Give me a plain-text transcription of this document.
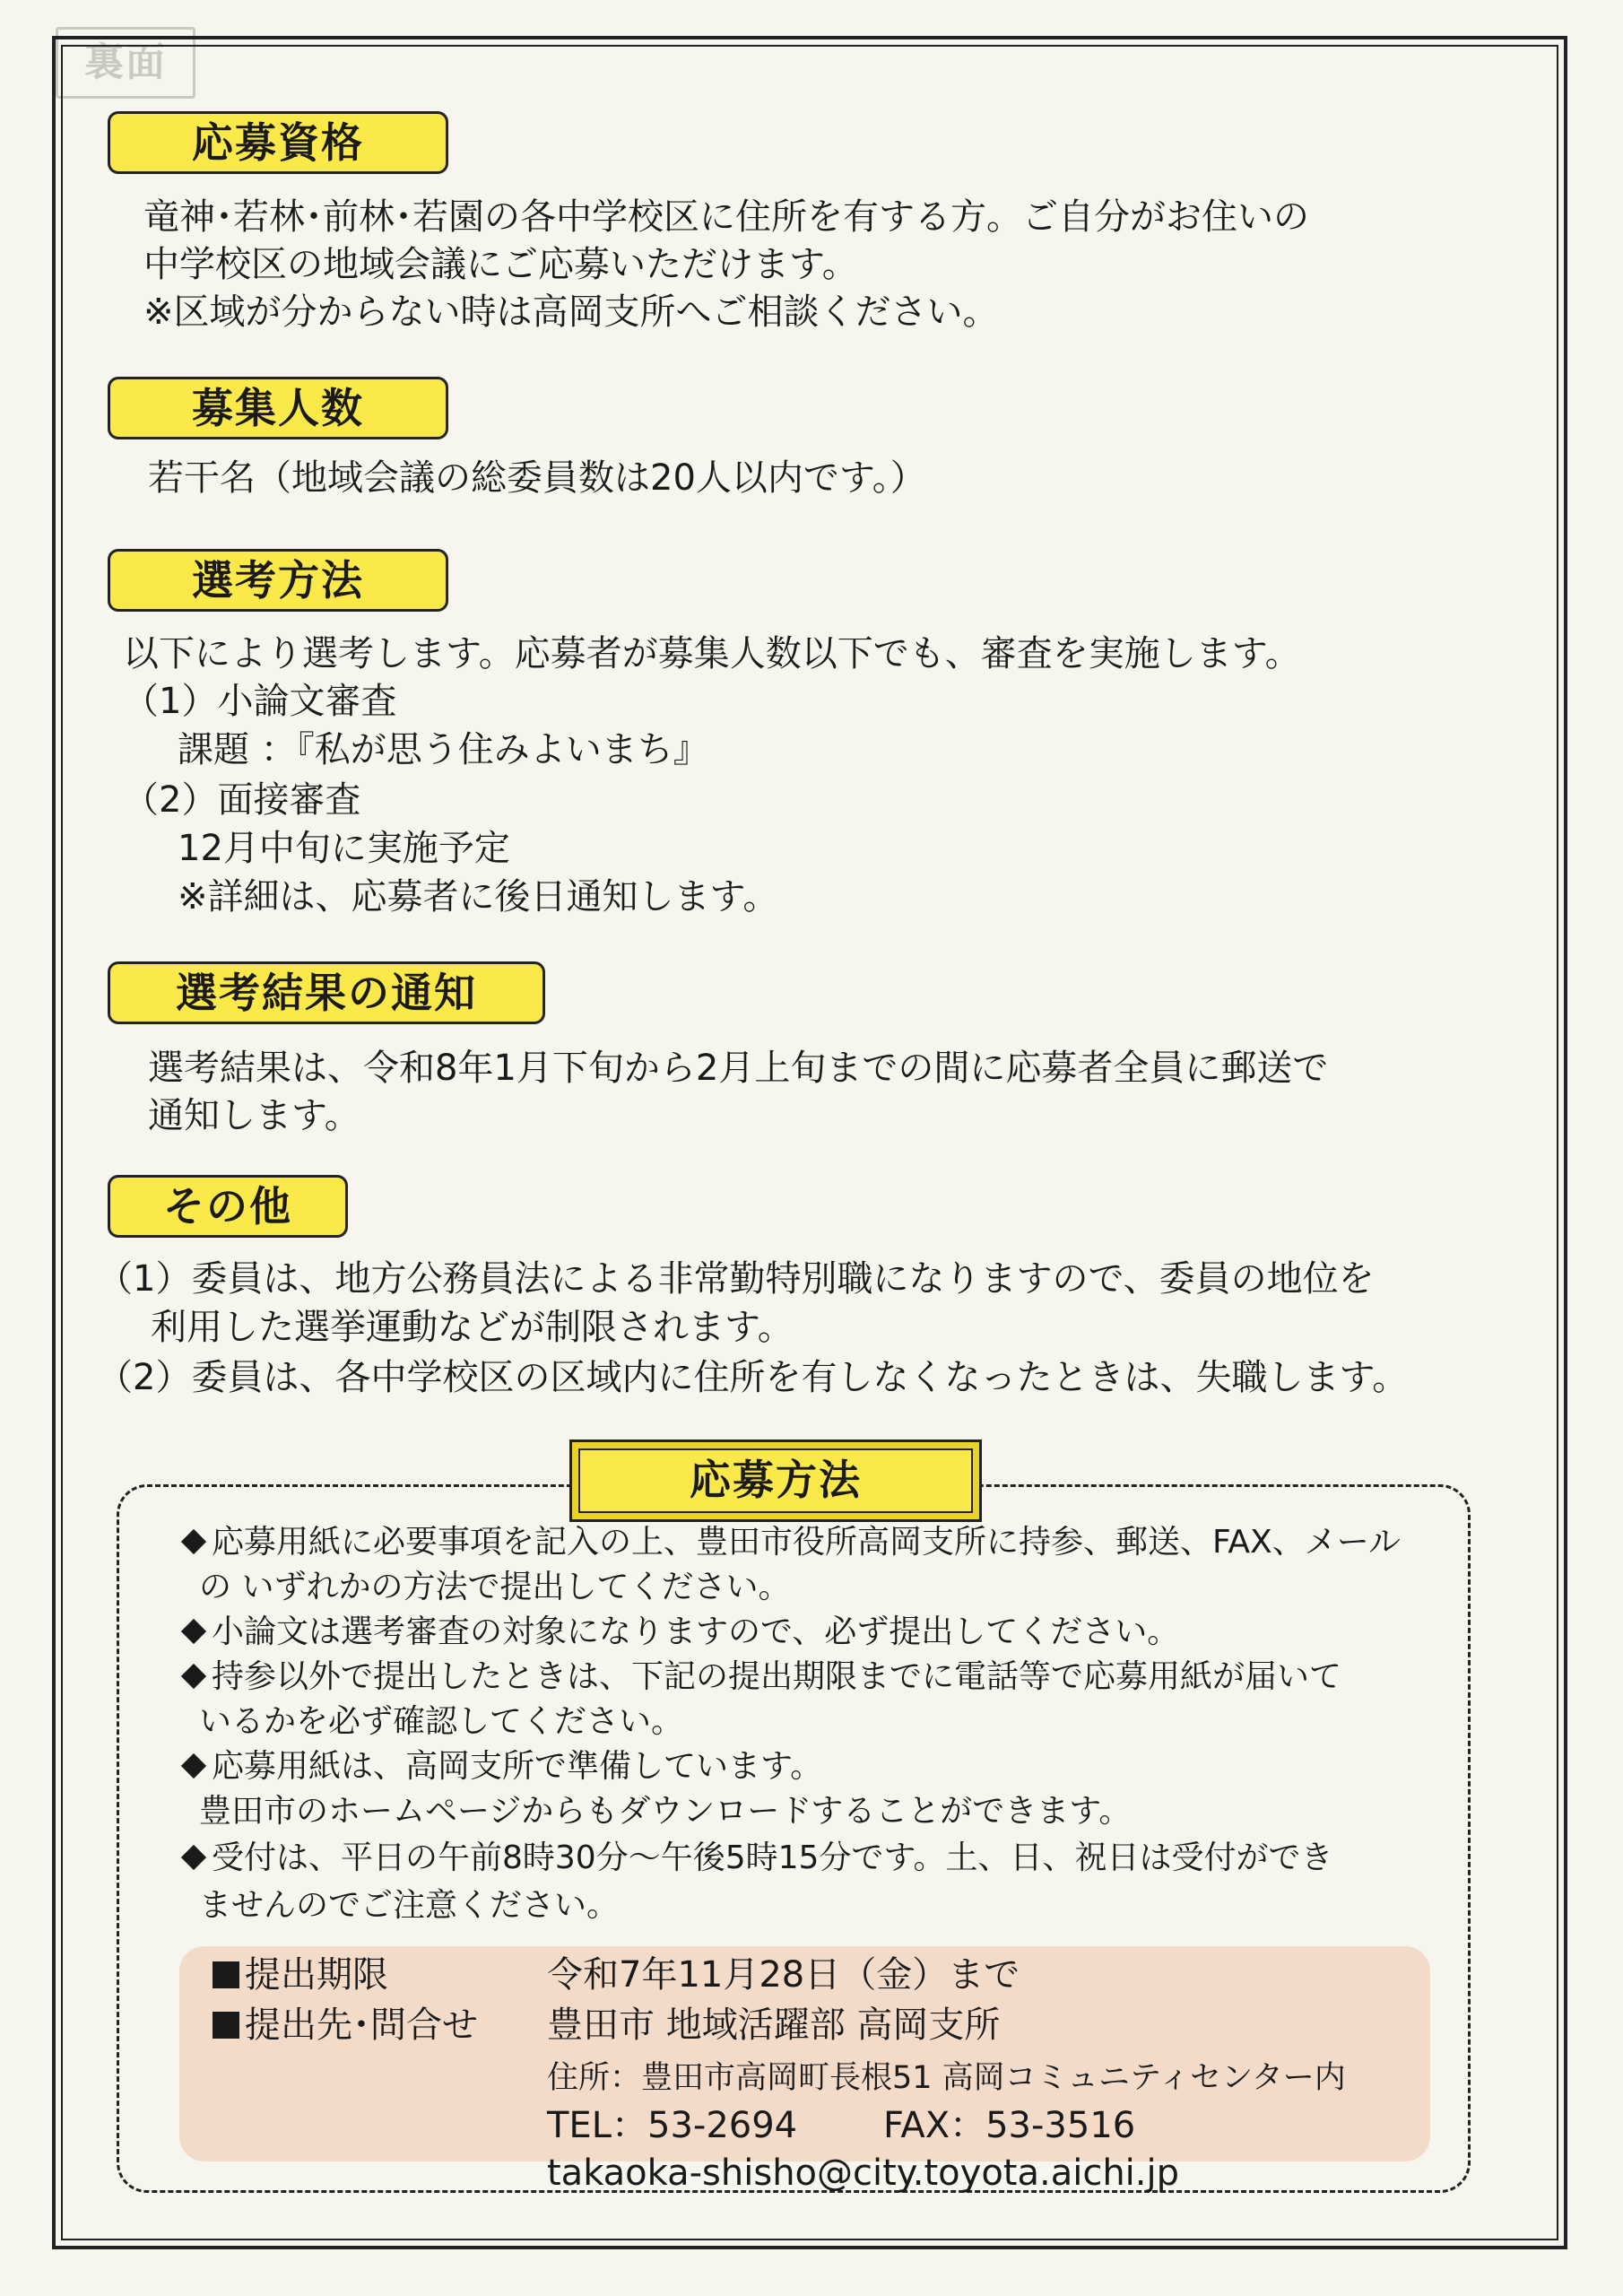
裏面
応募資格
竜神･若林･前林･若園の各中学校区に住所を有する方。ご自分がお住いの
中学校区の地域会議にご応募いただけます。
※区域が分からない時は高岡支所へご相談ください。
募集人数
若干名（地域会議の総委員数は20人以内です。）
選考方法
以下により選考します。応募者が募集人数以下でも、審査を実施します。
（1）小論文審査
課題 ：『私が思う住みよいまち』
（2）面接審査
12月中旬に実施予定
※詳細は、応募者に後日通知します。
選考結果の通知
選考結果は、令和8年1月下旬から2月上旬までの間に応募者全員に郵送で
通知します。
その他
（1）委員は、地方公務員法による非常勤特別職になりますので、委員の地位を
利用した選挙運動などが制限されます。
（2）委員は、各中学校区の区域内に住所を有しなくなったときは、失職します。
応募方法
応募用紙に必要事項を記入の上、豊田市役所高岡支所に持参、郵送、FAX、メール
の いずれかの方法で提出してください。
小論文は選考審査の対象になりますので、必ず提出してください。
持参以外で提出したときは、下記の提出期限までに電話等で応募用紙が届いて
いるかを必ず確認してください。
応募用紙は、高岡支所で準備しています。
豊田市のホームページからもダウンロードすることができます。
受付は、平日の午前8時30分～午後5時15分です。土、日、祝日は受付ができ
ませんのでご注意ください。
提出期限	令和7年11月28日（金）まで
提出先･問合せ 豊田市 地域活躍部 高岡支所
住所：豊田市高岡町長根51 高岡コミュニティセンター内
TEL：53-2694 FAX：53-3516
takaoka-shisho@city.toyota.aichi.jp
